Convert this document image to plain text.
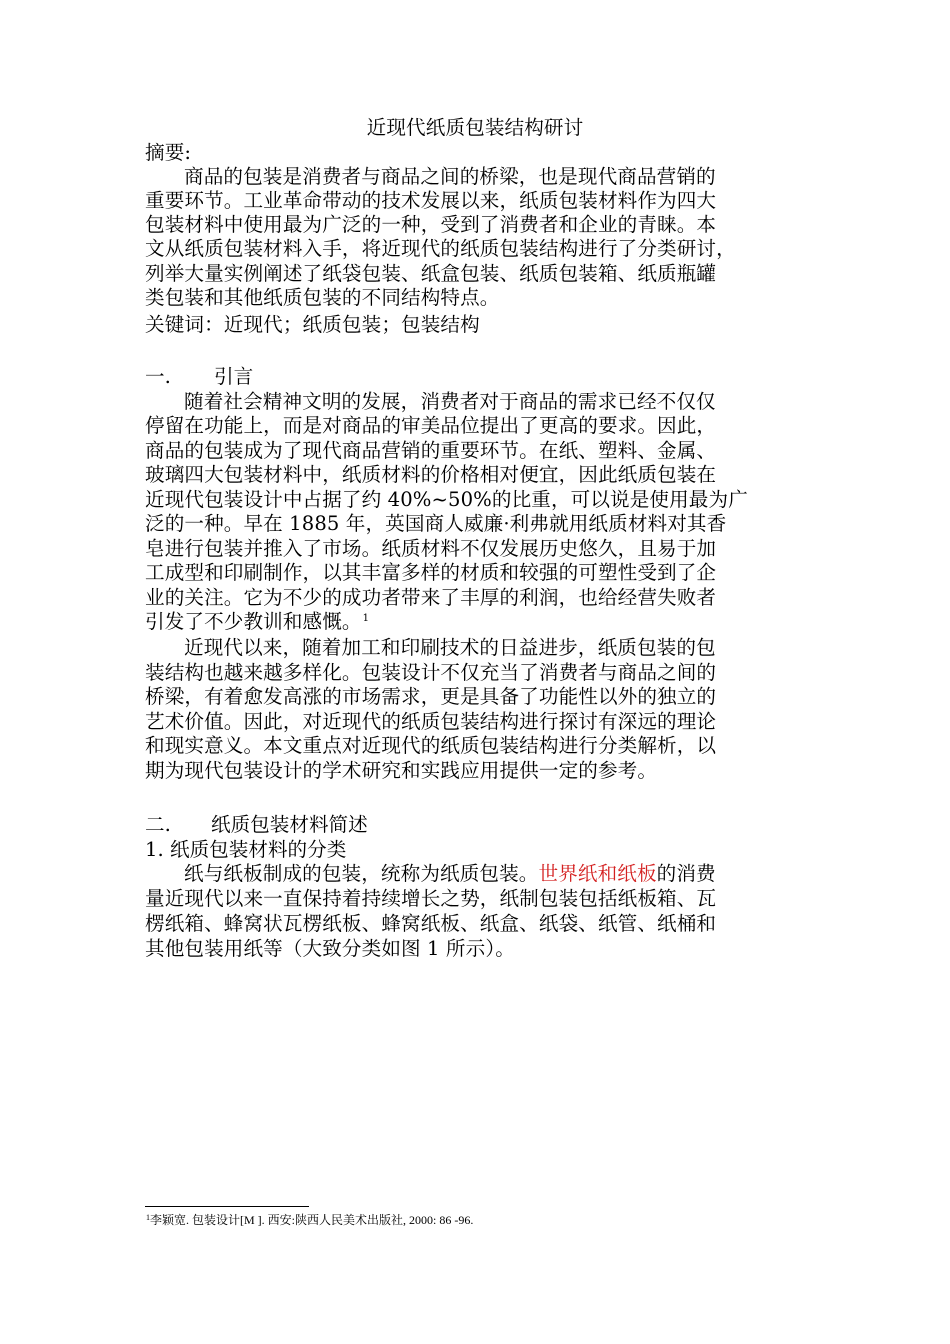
近现代纸质包装结构研讨
摘要:
商品的包装是消费者与商品之间的桥梁，也是现代商品营销的
重要环节。工业革命带动的技术发展以来，纸质包装材料作为四大
包装材料中使用最为广泛的一种，受到了消费者和企业的青睐。本
文从纸质包装材料入手，将近现代的纸质包装结构进行了分类研讨，
列举大量实例阐述了纸袋包装、纸盒包装、纸质包装箱、纸质瓶罐
类包装和其他纸质包装的不同结构特点。
关键词：近现代；纸质包装；包装结构
一. 引言
随着社会精神文明的发展，消费者对于商品的需求已经不仅仅
停留在功能上，而是对商品的审美品位提出了更高的要求。因此，
商品的包装成为了现代商品营销的重要环节。在纸、塑料、金属、
玻璃四大包装材料中，纸质材料的价格相对便宜，因此纸质包装在
近现代包装设计中占据了约 40%~50%的比重，可以说是使用最为广
泛的一种。早在 1885 年，英国商人威廉·利弗就用纸质材料对其香
皂进行包装并推入了市场。纸质材料不仅发展历史悠久，且易于加
工成型和印刷制作，以其丰富多样的材质和较强的可塑性受到了企
业的关注。它为不少的成功者带来了丰厚的利润，也给经营失败者
引发了不少教训和感慨。$^1$
近现代以来，随着加工和印刷技术的日益进步，纸质包装的包
装结构也越来越多样化。包装设计不仅充当了消费者与商品之间的
桥梁，有着愈发高涨的市场需求，更是具备了功能性以外的独立的
艺术价值。因此，对近现代的纸质包装结构进行探讨有深远的理论
和现实意义。本文重点对近现代的纸质包装结构进行分类解析，以
期为现代包装设计的学术研究和实践应用提供一定的参考。
二. 纸质包装材料简述
1. 纸质包装材料的分类
纸与纸板制成的包装，统称为纸质包装。世界纸和纸板的消费
量近现代以来一直保持着持续增长之势，纸制包装包括纸板箱、瓦
楞纸箱、蜂窝状瓦楞纸板、蜂窝纸板、纸盒、纸袋、纸管、纸桶和
其他包装用纸等（大致分类如图 1 所示）。
$^1$李颖宽. 包装设计[M ]. 西安:陕西人民美术出版社, 2000: 86 -96.
